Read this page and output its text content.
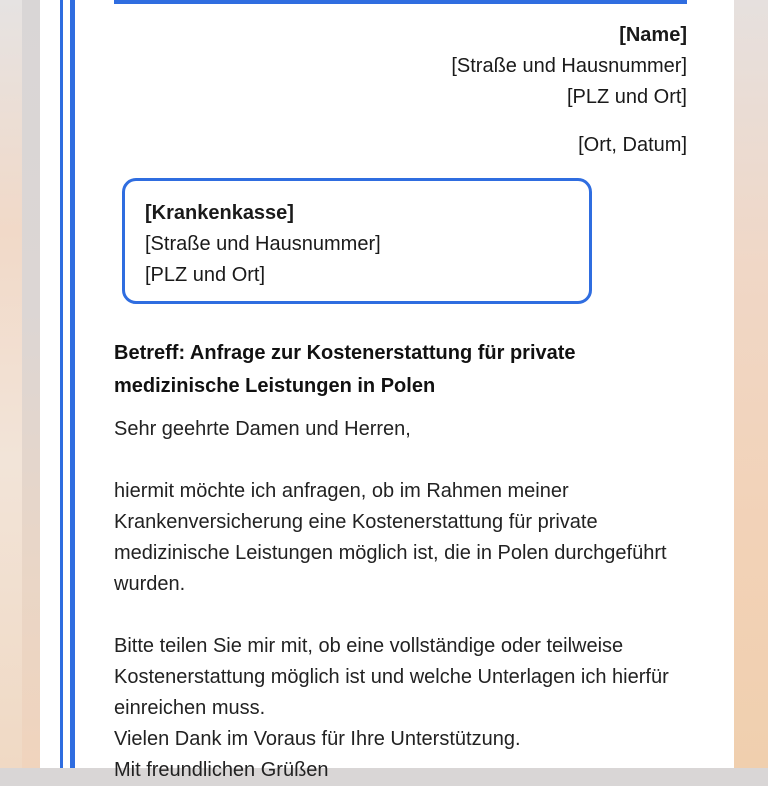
[Name]
[Straße und Hausnummer]
[PLZ und Ort]
[Ort, Datum]
[Krankenkasse]
[Straße und Hausnummer]
[PLZ und Ort]
Betreff: Anfrage zur Kostenerstattung für private medizinische Leistungen in Polen

Sehr geehrte Damen und Herren,

hiermit möchte ich anfragen, ob im Rahmen meiner Krankenversicherung eine Kostenerstattung für private medizinische Leistungen möglich ist, die in Polen durchgeführt wurden.

Bitte teilen Sie mir mit, ob eine vollständige oder teilweise Kostenerstattung möglich ist und welche Unterlagen ich hierfür einreichen muss.

Vielen Dank im Voraus für Ihre Unterstützung.

Mit freundlichen Grüßen
